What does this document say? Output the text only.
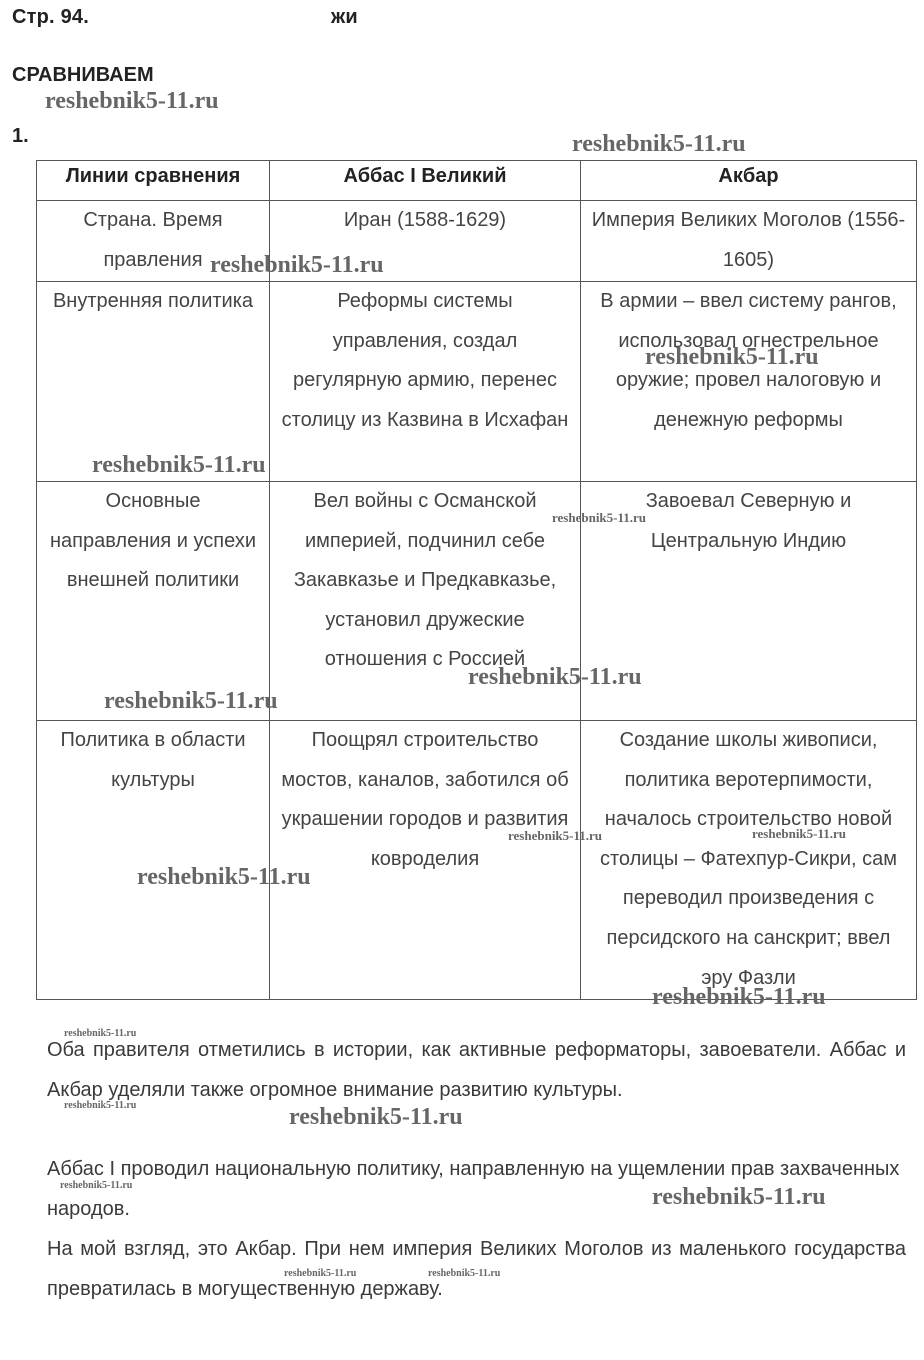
Стр. 94.	жи
СРАВНИВАЕМ
1.
Линии сравнения	Аббас I Великий	Акбар
Страна. Время правления	Иран (1588-1629)	Империя Великих Моголов (1556-1605)
Внутренняя политика	Реформы системы управления, создал регулярную армию, перенес столицу из Казвина в Исхафан	В армии – ввел систему рангов, использовал огнестрельное оружие; провел налоговую и денежную реформы
Основные направления и успехи внешней политики	Вел войны с Османской империей, подчинил себе Закавказье и Предкавказье, установил дружеские отношения с Россией	Завоевал Северную и Центральную Индию
Политика в области культуры	Поощрял строительство мостов, каналов, заботился об украшении городов и развития ковроделия	Создание школы живописи, политика веротерпимости, началось строительство новой столицы – Фатехпур-Сикри, сам переводил произведения с персидского на санскрит; ввел эру Фазли
Оба правителя отметились в истории, как активные реформаторы, завоеватели. Аббас и Акбар уделяли также огромное внимание развитию культуры.
Аббас I проводил национальную политику, направленную на ущемлении прав захваченных народов.
На мой взгляд, это Акбар. При нем империя Великих Моголов из маленького государства превратилась в могущественную державу.
reshebnik5-11.ru
reshebnik5-11.ru
reshebnik5-11.ru
reshebnik5-11.ru
reshebnik5-11.ru
reshebnik5-11.ru
reshebnik5-11.ru
reshebnik5-11.ru
reshebnik5-11.ru	reshebnik5-11.ru
reshebnik5-11.ru
reshebnik5-11.ru
reshebnik5-11.ru
reshebnik5-11.ru	reshebnik5-11.ru
reshebnik5-11.ru	reshebnik5-11.ru
reshebnik5-11.ru	reshebnik5-11.ru
